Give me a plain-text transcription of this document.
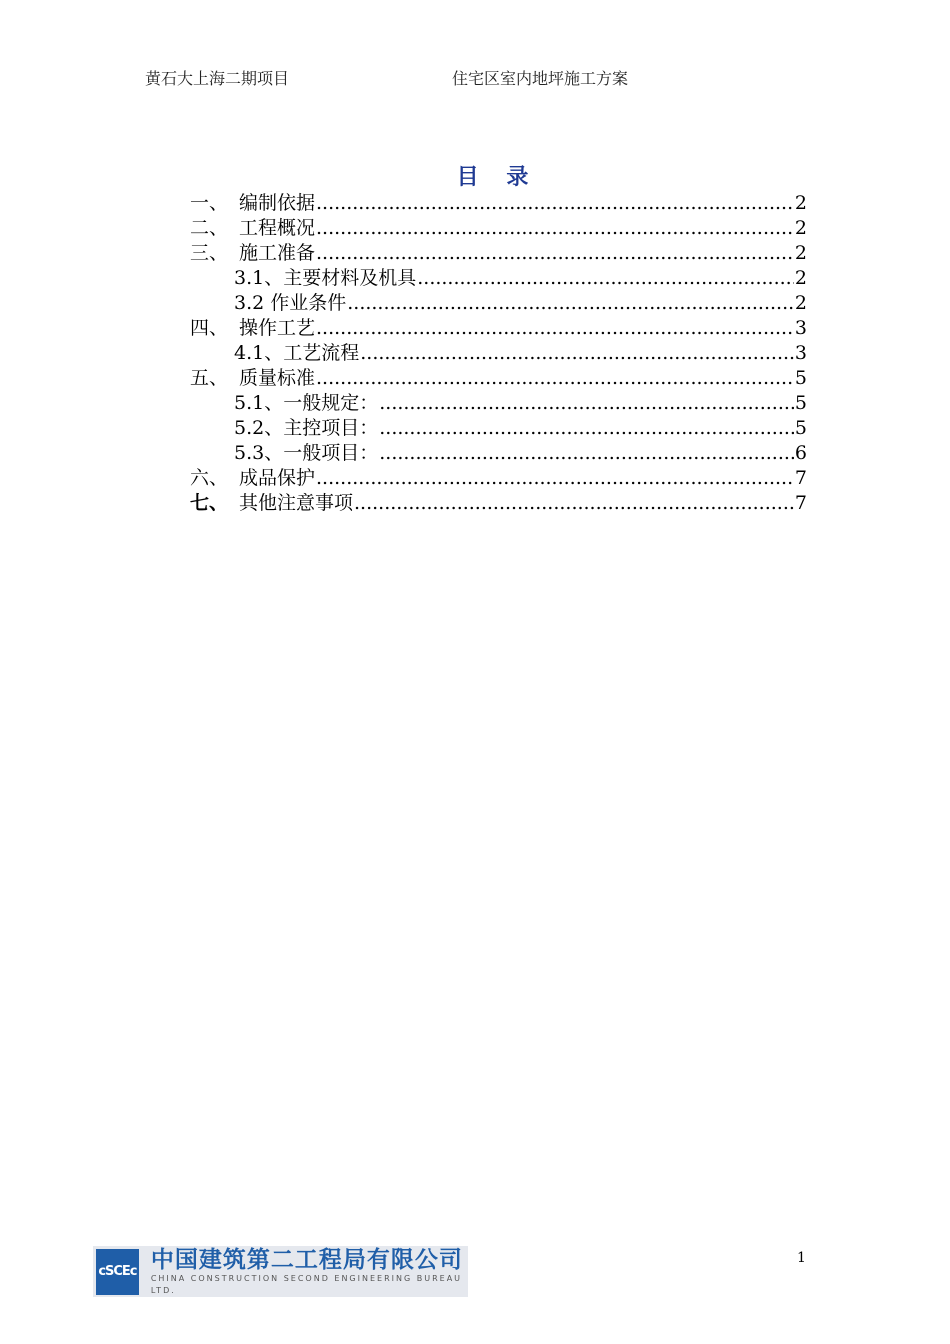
黄石大上海二期项目	住宅区室内地坪施工方案
目 录
一、 编制依据 .....	2
二、 工程概况 .....	2
三、 施工准备 .....	2
3.1、 主要材料及机具 .....	2
3.2 作业条件 .....	2
四、 操作工艺 .....	3
4.1、 工艺流程 .....	3
五、 质量标准 .....	5
5.1、 一般规定： .....	5
5.2、 主控项目： .....	5
5.3、 一般项目： .....	6
六、 成品保护 .....	7
七、 其他注意事项 .....	7
1
cSCEc 中国建筑第二工程局有限公司
CHINA CONSTRUCTION SECOND ENGINEERING BUREAU LTD.
